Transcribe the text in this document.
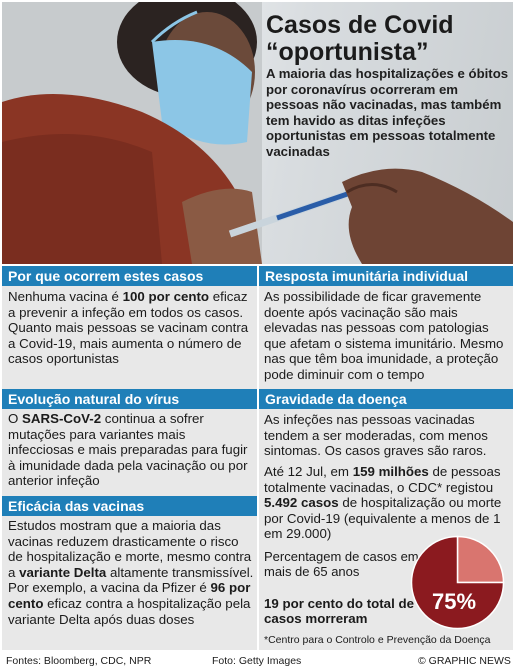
Casos de Covid
“oportunista”
A maioria das hospitalizações e óbitos por coronavírus ocorreram em pessoas não vacinadas, mas também tem havido as ditas infeções oportunistas em pessoas totalmente vacinadas
Por que ocorrem estes casos
Nenhuma vacina é 100 por cento eficaz a prevenir a infeção em todos os casos. Quanto mais pessoas se vacinam contra a Covid-19, mais aumenta o número de casos oportunistas
Evolução natural do vírus
O SARS-CoV-2 continua a sofrer mutações para variantes mais infecciosas e mais preparadas para fugir à imunidade dada pela vacinação ou por anterior infeção
Eficácia das vacinas
Estudos mostram que a maioria das vacinas reduzem drasticamente o risco de hospitalização e morte, mesmo contra a variante Delta altamente transmissível. Por exemplo, a vacina da Pfizer é 96 por cento eficaz contra a hospitalização pela variante Delta após duas doses
Resposta imunitária individual
As possibilidade de ficar gravemente doente após vacinação são mais elevadas nas pessoas com patologias que afetam o sistema imunitário. Mesmo nas que têm boa imunidade, a proteção pode diminuir com o tempo
Gravidade da doença
As infeções nas pessoas vacinadas tendem a ser moderadas, com menos sintomas. Os casos graves são raros.
Até 12 Jul, em 159 milhões de pessoas totalmente vacinadas, o CDC* registou 5.492 casos de hospitalização ou morte por Covid-19 (equivalente a menos de 1 em 29.000)
Percentagem de casos em mais de 65 anos
75%
19 por cento do total de casos morreram
*Centro para o Controlo e Prevenção da Doença
Fontes: Bloomberg, CDC, NPR	Foto: Getty Images	© GRAPHIC NEWS
